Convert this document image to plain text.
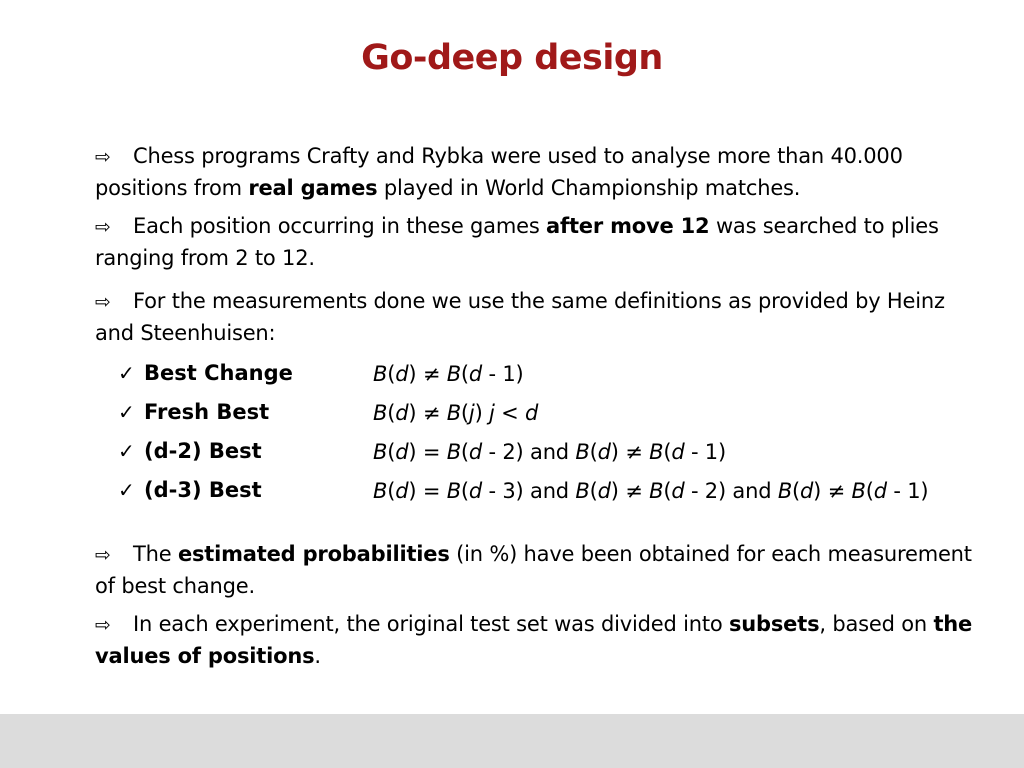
Go-deep design
⇨ Chess programs Crafty and Rybka were used to analyse more than 40.000 positions from real games played in World Championship matches.
⇨ Each position occurring in these games after move 12 was searched to plies ranging from 2 to 12.
⇨ For the measurements done we use the same definitions as provided by Heinz and Steenhuisen:
✓ Best Change	B(d) ≠ B(d - 1)
✓ Fresh Best	B(d) ≠ B(j) j < d
✓ (d-2) Best	B(d) = B(d - 2) and B(d) ≠ B(d - 1)
✓ (d-3) Best	B(d) = B(d - 3) and B(d) ≠ B(d - 2) and B(d) ≠ B(d - 1)
⇨ The estimated probabilities (in %) have been obtained for each measurement of best change.
⇨ In each experiment, the original test set was divided into subsets, based on the values of positions.
